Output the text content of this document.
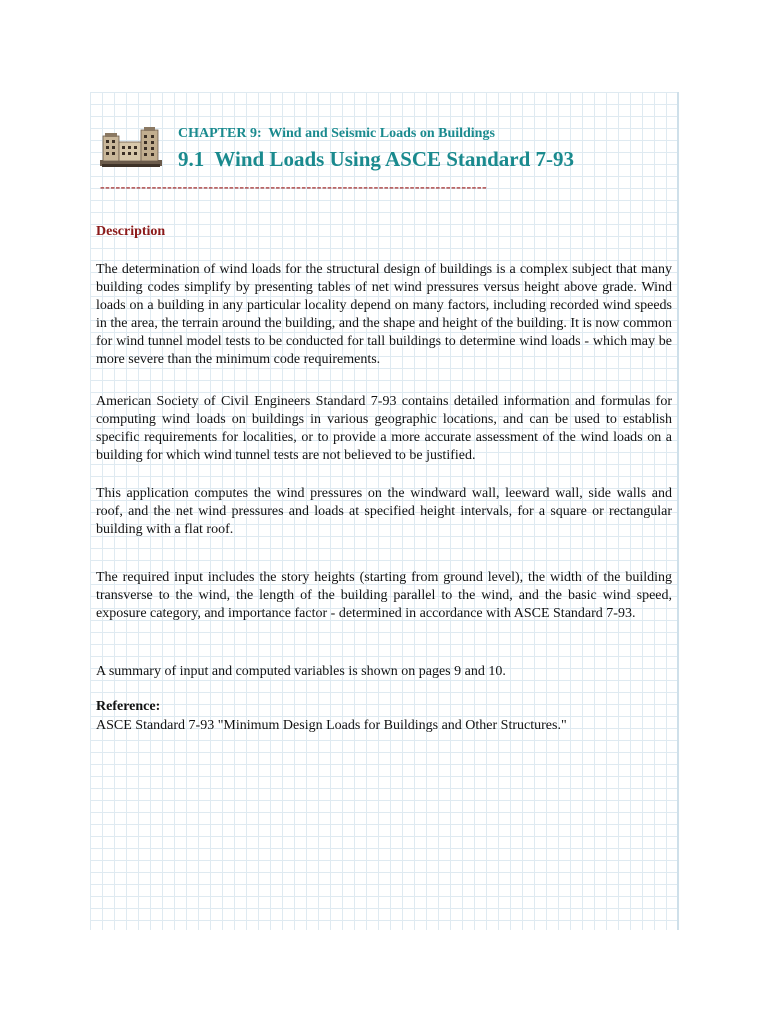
CHAPTER 9:  Wind and Seismic Loads on Buildings
9.1  Wind Loads Using ASCE Standard 7-93
---------------------------------------------------------------------------
Description

The determination of wind loads for the structural design of buildings is a complex subject that many building codes simplify by presenting tables of net wind pressures versus height above grade. Wind loads on a building in any particular locality depend on many factors, including recorded wind speeds in the area, the terrain around the building, and the shape and height of the building. It is now common for wind tunnel model tests to be conducted for tall buildings to determine wind loads - which may be more severe than the minimum code requirements.

American Society of Civil Engineers Standard 7-93 contains detailed information and formulas for computing wind loads on buildings in various geographic locations, and can be used to establish specific requirements for localities, or to provide a more accurate assessment of the wind loads on a building for which wind tunnel tests are not believed to be justified.

This application computes the wind pressures on the windward wall, leeward wall, side walls and roof, and the net wind pressures and loads at specified height intervals, for a square or rectangular building with a flat roof.

The required input includes the story heights (starting from ground level), the width of the building transverse to the wind, the length of the building parallel to the wind, and the basic wind speed, exposure category, and importance factor - determined in accordance with ASCE Standard 7-93.

A summary of input and computed variables is shown on pages 9 and 10.

Reference:

ASCE Standard 7-93 "Minimum Design Loads for Buildings and Other Structures."
